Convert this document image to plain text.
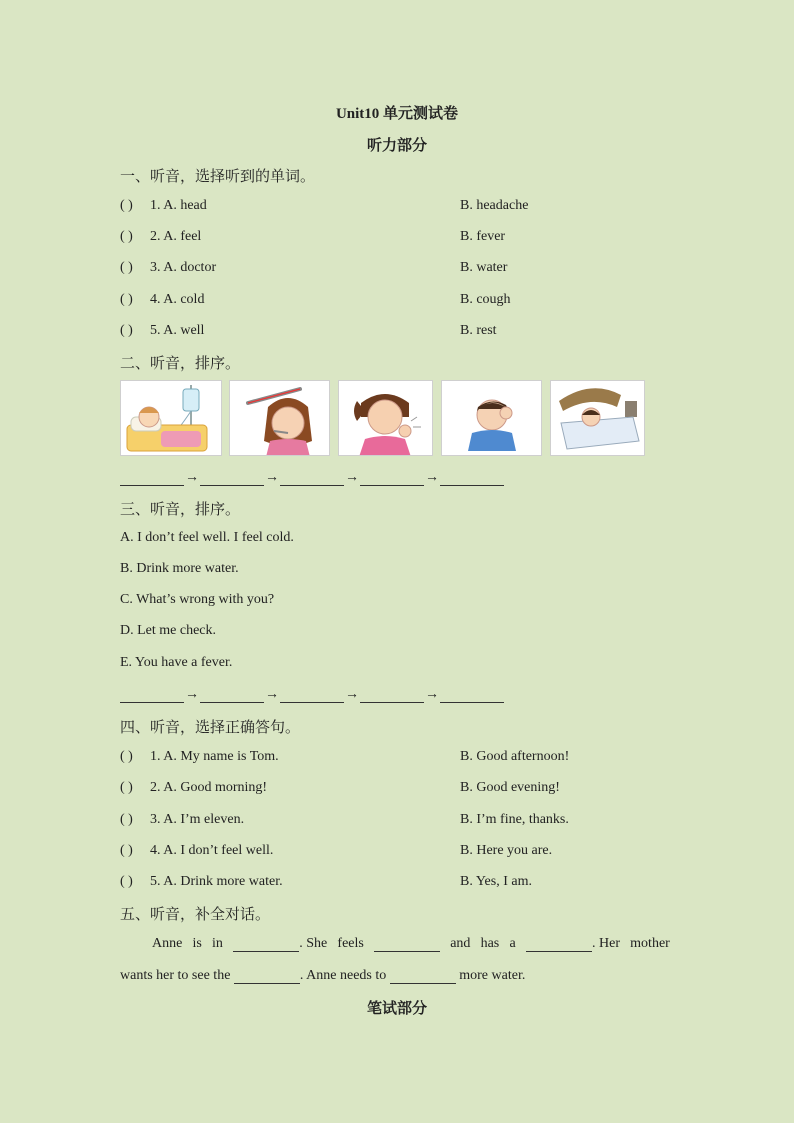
Unit10 单元测试卷
听力部分
一、听音，选择听到的单词。
( ) 1. A. head	B. headache
( ) 2. A. feel	B. fever
( ) 3. A. doctor	B. water
( ) 4. A. cold	B. cough
( ) 5. A. well	B. rest
二、听音，排序。
→	→	→	→
三、听音，排序。
A. I don’t feel well. I feel cold.
B. Drink more water.
C. What’s wrong with you?
D. Let me check.
E. You have a fever.
→	→	→	→
四、听音，选择正确答句。
( ) 1. A. My name is Tom.	B. Good afternoon!
( ) 2. A. Good morning!	B. Good evening!
( ) 3. A. I’m eleven.	B. I’m fine, thanks.
( ) 4. A. I don’t feel well.	B. Here you are.
( ) 5. A. Drink more water.	B. Yes, I am.
五、听音，补全对话。
Anne is in	. She feels	and has a	. Her mother
wants her to see the	. Anne needs to	more water.
笔试部分
